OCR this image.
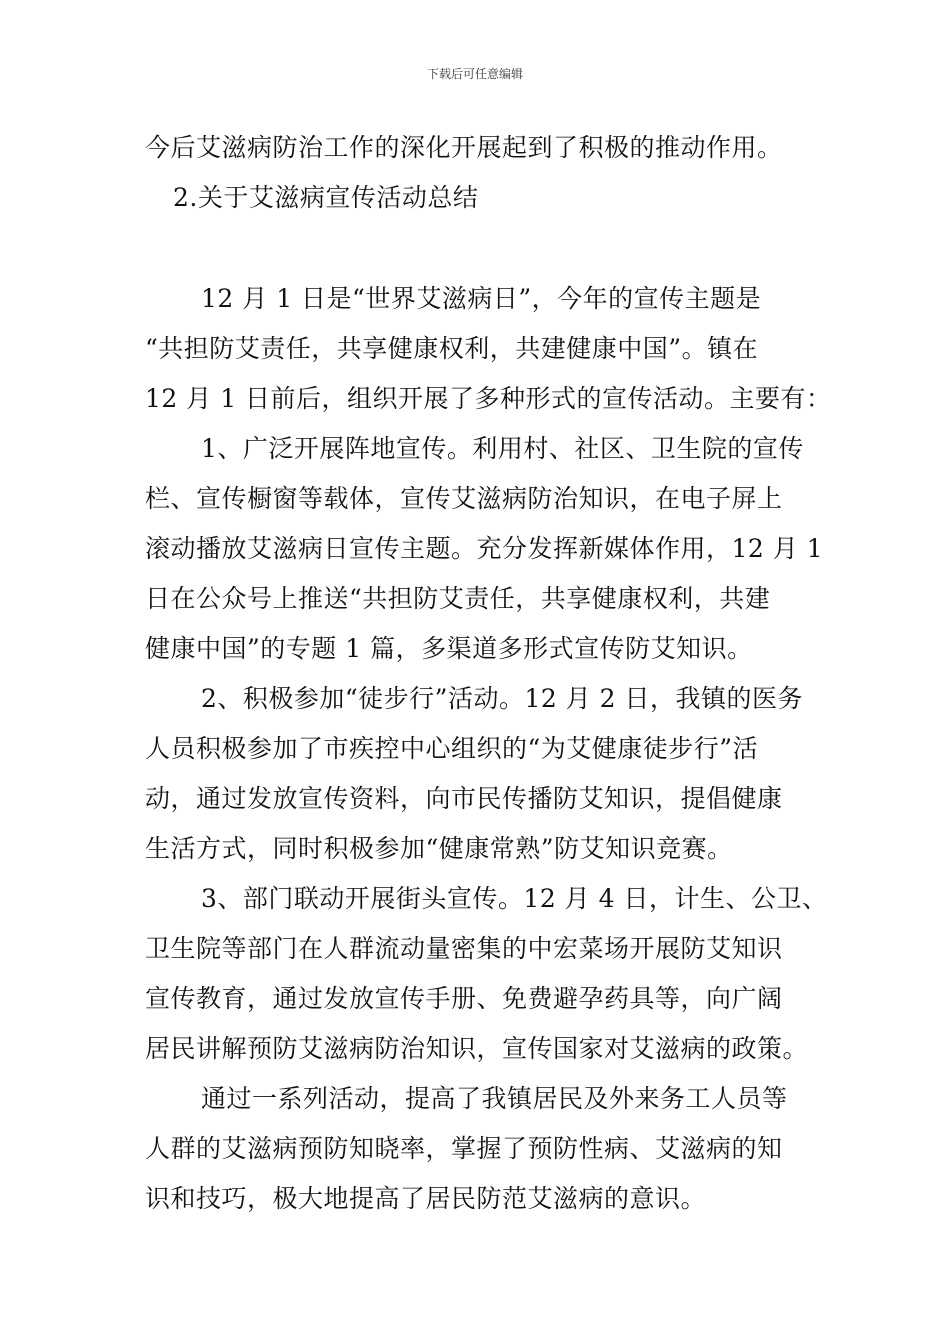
下载后可任意编辑
今后艾滋病防治工作的深化开展起到了积极的推动作用。
2.关于艾滋病宣传活动总结
12 月 1 日是“世界艾滋病日”，今年的宣传主题是
“共担防艾责任，共享健康权利，共建健康中国”。镇在
12 月 1 日前后，组织开展了多种形式的宣传活动。主要有：
1、广泛开展阵地宣传。利用村、社区、卫生院的宣传
栏、宣传橱窗等载体，宣传艾滋病防治知识，在电子屏上
滚动播放艾滋病日宣传主题。充分发挥新媒体作用，12 月 1
日在公众号上推送“共担防艾责任，共享健康权利，共建
健康中国”的专题 1 篇，多渠道多形式宣传防艾知识。
2、积极参加“徒步行”活动。12 月 2 日，我镇的医务
人员积极参加了市疾控中心组织的“为艾健康徒步行”活
动，通过发放宣传资料，向市民传播防艾知识，提倡健康
生活方式，同时积极参加“健康常熟”防艾知识竞赛。
3、部门联动开展街头宣传。12 月 4 日，计生、公卫、
卫生院等部门在人群流动量密集的中宏菜场开展防艾知识
宣传教育，通过发放宣传手册、免费避孕药具等，向广阔
居民讲解预防艾滋病防治知识，宣传国家对艾滋病的政策。
通过一系列活动，提高了我镇居民及外来务工人员等
人群的艾滋病预防知晓率，掌握了预防性病、艾滋病的知
识和技巧，极大地提高了居民防范艾滋病的意识。
